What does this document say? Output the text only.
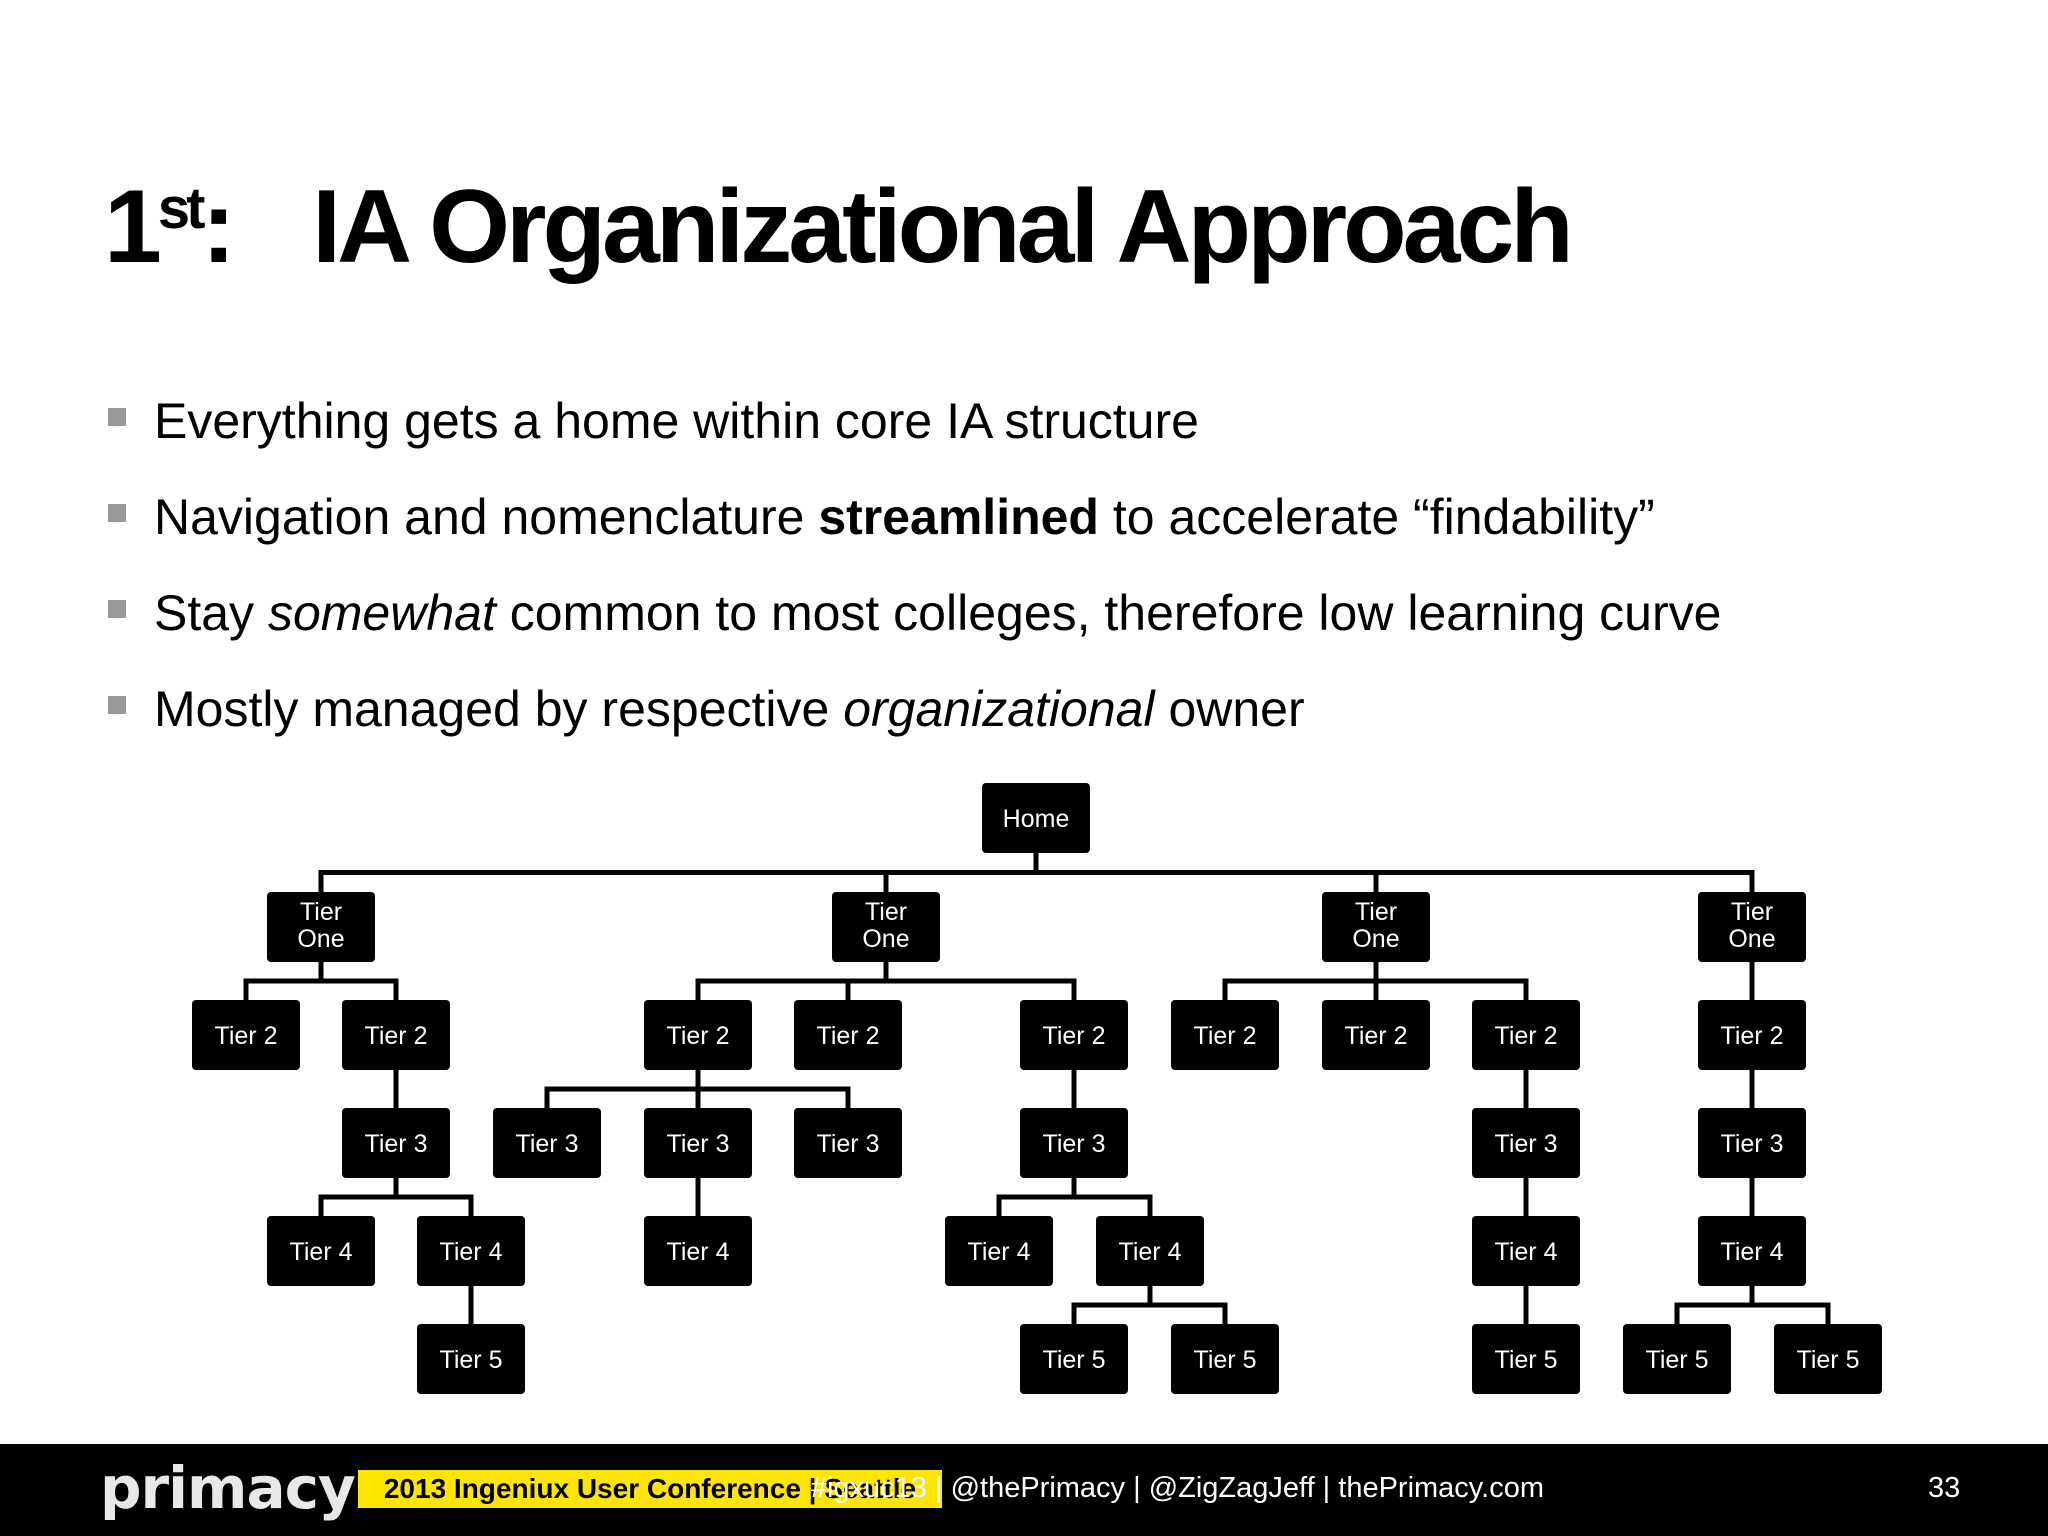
1st: IA Organizational Approach
Everything gets a home within core IA structure
Navigation and nomenclature streamlined to accelerate “findability”
Stay somewhat common to most colleges, therefore low learning curve
Mostly managed by respective organizational owner
Home
Tier One
Tier One
Tier One
Tier One
Tier 2	Tier 2
Tier 3
Tier 4	Tier 4
Tier 5
Tier 2	Tier 2	Tier 2
Tier 3	Tier 3	Tier 3
Tier 4
Tier 3
Tier 4	Tier 4
Tier 5	Tier 5
Tier 2	Tier 2	Tier 2
Tier 3
Tier 4
Tier 5
Tier 2
Tier 3
Tier 4
Tier 5	Tier 5
primacy	2013 Ingeniux User Conference | Seattle
#igxuc13 | @thePrimacy | @ZigZagJeff | thePrimacy.com	33
